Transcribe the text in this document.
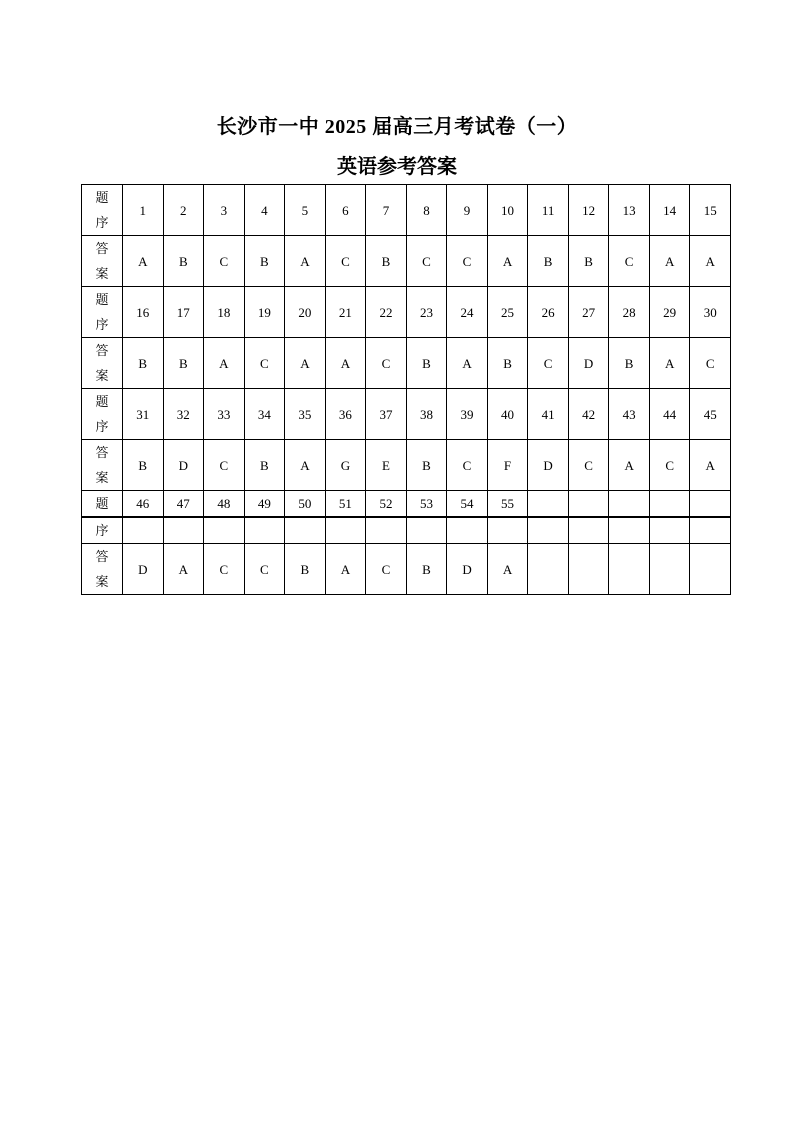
长沙市一中 2025 届高三月考试卷（一）
英语参考答案
题
序	1	2	3	4	5	6	7	8	9	10	11	12	13	14	15

答
案	A	B	C	B	A	C	B	C	C	A	B	B	C	A	A

题
序	16	17	18	19	20	21	22	23	24	25	26	27	28	29	30

答
案	B	B	A	C	A	A	C	B	A	B	C	D	B	A	C

题
序	31	32	33	34	35	36	37	38	39	40	41	42	43	44	45

答
案	B	D	C	B	A	G	E	B	C	F	D	C	A	C	A
题	46	47	48	49	50	51	52	53	54	55					
序															

答
案	D	A	C	C	B	A	C	B	D	A					
